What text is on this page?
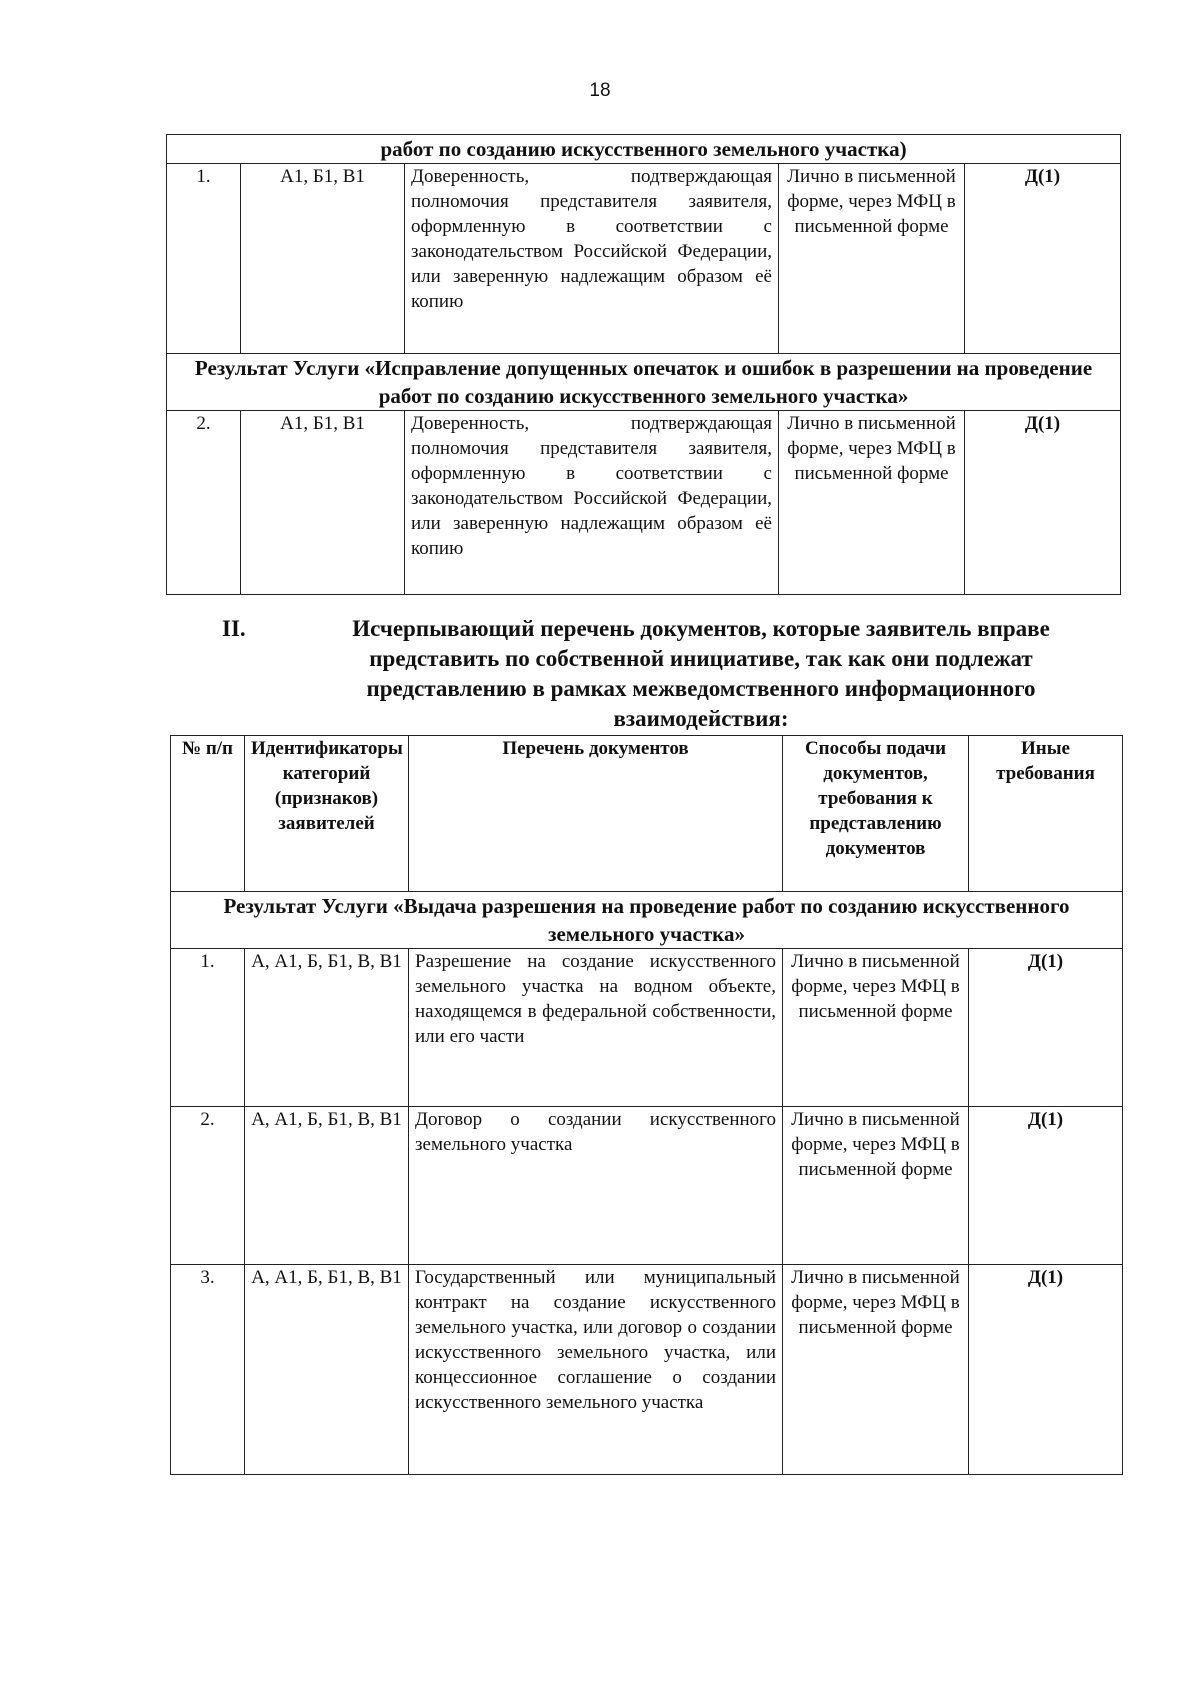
18
работ по созданию искусственного земельного участка)				
1.	А1, Б1, В1	Доверенность, подтверждающая полномочия представителя заявителя, оформленную в соответствии с законодательством Российской Федерации, или заверенную надлежащим образом её копию	Лично в письменной форме, через МФЦ в письменной форме	Д(1)
Результат Услуги «Исправление допущенных опечаток и ошибок в разрешении на проведение работ по созданию искусственного земельного участка»				
2.	А1, Б1, В1	Доверенность, подтверждающая полномочия представителя заявителя, оформленную в соответствии с законодательством Российской Федерации, или заверенную надлежащим образом её копию	Лично в письменной форме, через МФЦ в письменной форме	Д(1)
II.	Исчерпывающий перечень документов, которые заявитель вправе представить по собственной инициативе, так как они подлежат представлению в рамках межведомственного информационного взаимодействия:
№ п/п	Идентификаторы категорий (признаков) заявителей	Перечень документов	Способы подачи документов, требования к представлению документов	Иные требования
Результат Услуги «Выдача разрешения на проведение работ по созданию искусственного земельного участка»				
1.	А, А1, Б, Б1, В, В1	Разрешение на создание искусственного земельного участка на водном объекте, находящемся в федеральной собственности, или его части	Лично в письменной форме, через МФЦ в письменной форме	Д(1)
2.	А, А1, Б, Б1, В, В1	Договор о создании искусственного земельного участка	Лично в письменной форме, через МФЦ в письменной форме	Д(1)
3.	А, А1, Б, Б1, В, В1	Государственный или муниципальный контракт на создание искусственного земельного участка, или договор о создании искусственного земельного участка, или концессионное соглашение о создании искусственного земельного участка	Лично в письменной форме, через МФЦ в письменной форме	Д(1)
